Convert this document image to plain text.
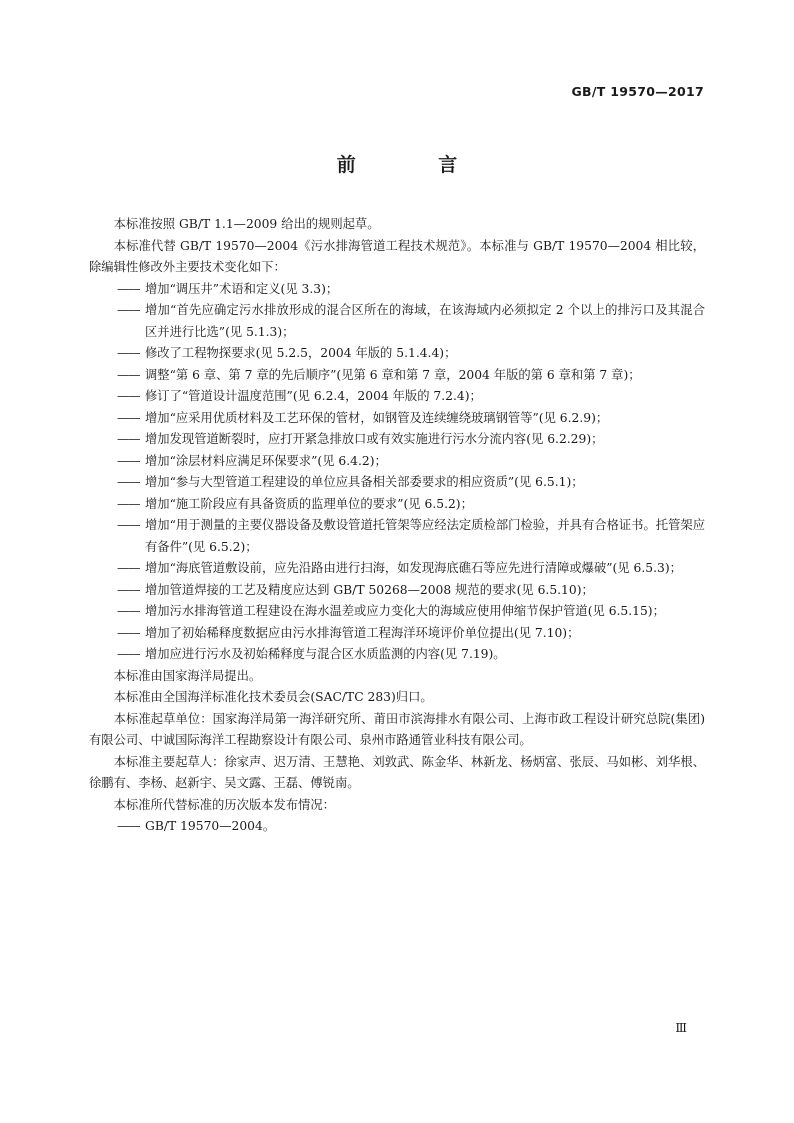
GB/T 19570—2017
前 言

本标准按照 GB/T 1.1—2009 给出的规则起草。

本标准代替 GB/T 19570—2004《污水排海管道工程技术规范》。本标准与 GB/T 19570—2004 相比较，除编辑性修改外主要技术变化如下：

—— 增加“调压井”术语和定义(见 3.3)；
—— 增加“首先应确定污水排放形成的混合区所在的海域，在该海域内必须拟定 2 个以上的排污口及其混合区并进行比选”(见 5.1.3)；
—— 修改了工程物探要求(见 5.2.5，2004 年版的 5.1.4.4)；
—— 调整“第 6 章、第 7 章的先后顺序”(见第 6 章和第 7 章，2004 年版的第 6 章和第 7 章)；
—— 修订了“管道设计温度范围”(见 6.2.4，2004 年版的 7.2.4)；
—— 增加“应采用优质材料及工艺环保的管材，如钢管及连续缠绕玻璃钢管等”(见 6.2.9)；
—— 增加发现管道断裂时，应打开紧急排放口或有效实施进行污水分流内容(见 6.2.29)；
—— 增加“涂层材料应满足环保要求”(见 6.4.2)；
—— 增加“参与大型管道工程建设的单位应具备相关部委要求的相应资质”(见 6.5.1)；
—— 增加“施工阶段应有具备资质的监理单位的要求”(见 6.5.2)；
—— 增加“用于测量的主要仪器设备及敷设管道托管架等应经法定质检部门检验，并具有合格证书。托管架应有备件”(见 6.5.2)；
—— 增加“海底管道敷设前，应先沿路由进行扫海，如发现海底礁石等应先进行清障或爆破”(见 6.5.3)；
—— 增加管道焊接的工艺及精度应达到 GB/T 50268—2008 规范的要求(见 6.5.10)；
—— 增加污水排海管道工程建设在海水温差或应力变化大的海域应使用伸缩节保护管道(见 6.5.15)；
—— 增加了初始稀释度数据应由污水排海管道工程海洋环境评价单位提出(见 7.10)；
—— 增加应进行污水及初始稀释度与混合区水质监测的内容(见 7.19)。

本标准由国家海洋局提出。

本标准由全国海洋标准化技术委员会(SAC/TC 283)归口。

本标准起草单位：国家海洋局第一海洋研究所、莆田市滨海排水有限公司、上海市政工程设计研究总院(集团)有限公司、中诚国际海洋工程勘察设计有限公司、泉州市路通管业科技有限公司。

本标准主要起草人：徐家声、迟万清、王慧艳、刘敦武、陈金华、林新龙、杨炳富、张辰、马如彬、刘华根、徐鹏有、李杨、赵新宇、吴文露、王磊、傅锐南。

本标准所代替标准的历次版本发布情况：

—— GB/T 19570—2004。
Ⅲ
